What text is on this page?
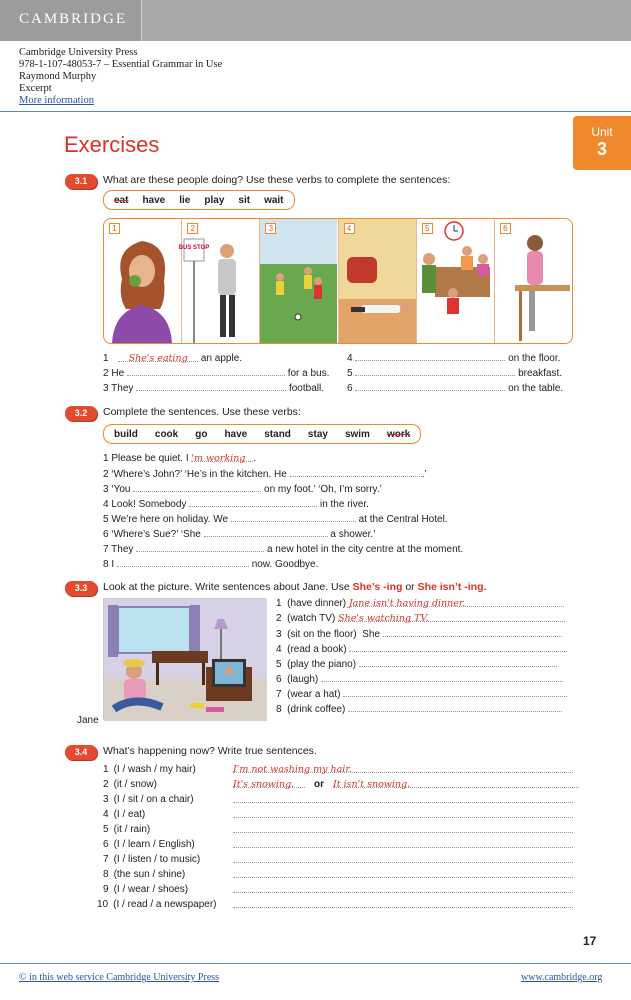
CAMBRIDGE
Cambridge University Press
978-1-107-48053-7 – Essential Grammar in Use
Raymond Murphy
Excerpt
More information
Unit
3
Exercises
3.1	What are these people doing? Use these verbs to complete the sentences:
eat have lie play sit wait
1	2
BUS STOP
3	4	5	6
1 She's eating an apple.
2 He	for a bus.
3 They	football.
4	on the floor.
5	breakfast.
6	on the table.
3.2	Complete the sentences. Use these verbs:
build cook go have stand stay swim work
1 Please be quiet. I 'm working .
2 ‘Where’s John?’ ‘He’s in the kitchen. He	.’
3 ‘You	on my foot.’ ‘Oh, I’m sorry.’
4 Look! Somebody	in the river.
5 We’re here on holiday. We	at the Central Hotel.
6 ‘Where’s Sue?’ ‘She	a shower.’
7 They	a new hotel in the city centre at the moment.
8 I	now. Goodbye.
3.3	Look at the picture. Write sentences about Jane. Use She’s -ing or She isn’t -ing.
Jane
1 (have dinner) Jane isn't having dinner.
2 (watch TV) She's watching TV.
3 (sit on the floor) She
4 (read a book)
5 (play the piano)
6 (laugh)
7 (wear a hat)
8 (drink coffee)
3.4	What’s happening now? Write true sentences.
1 (I / wash / my hair)	I'm not washing my hair.
2 (it / snow)	It's snowing. or It isn't snowing.
3 (I / sit / on a chair)
4 (I / eat)
5 (it / rain)
6 (I / learn / English)
7 (I / listen / to music)
8 (the sun / shine)
9 (I / wear / shoes)
10 (I / read / a newspaper)
17
© in this web service Cambridge University Press	www.cambridge.org
